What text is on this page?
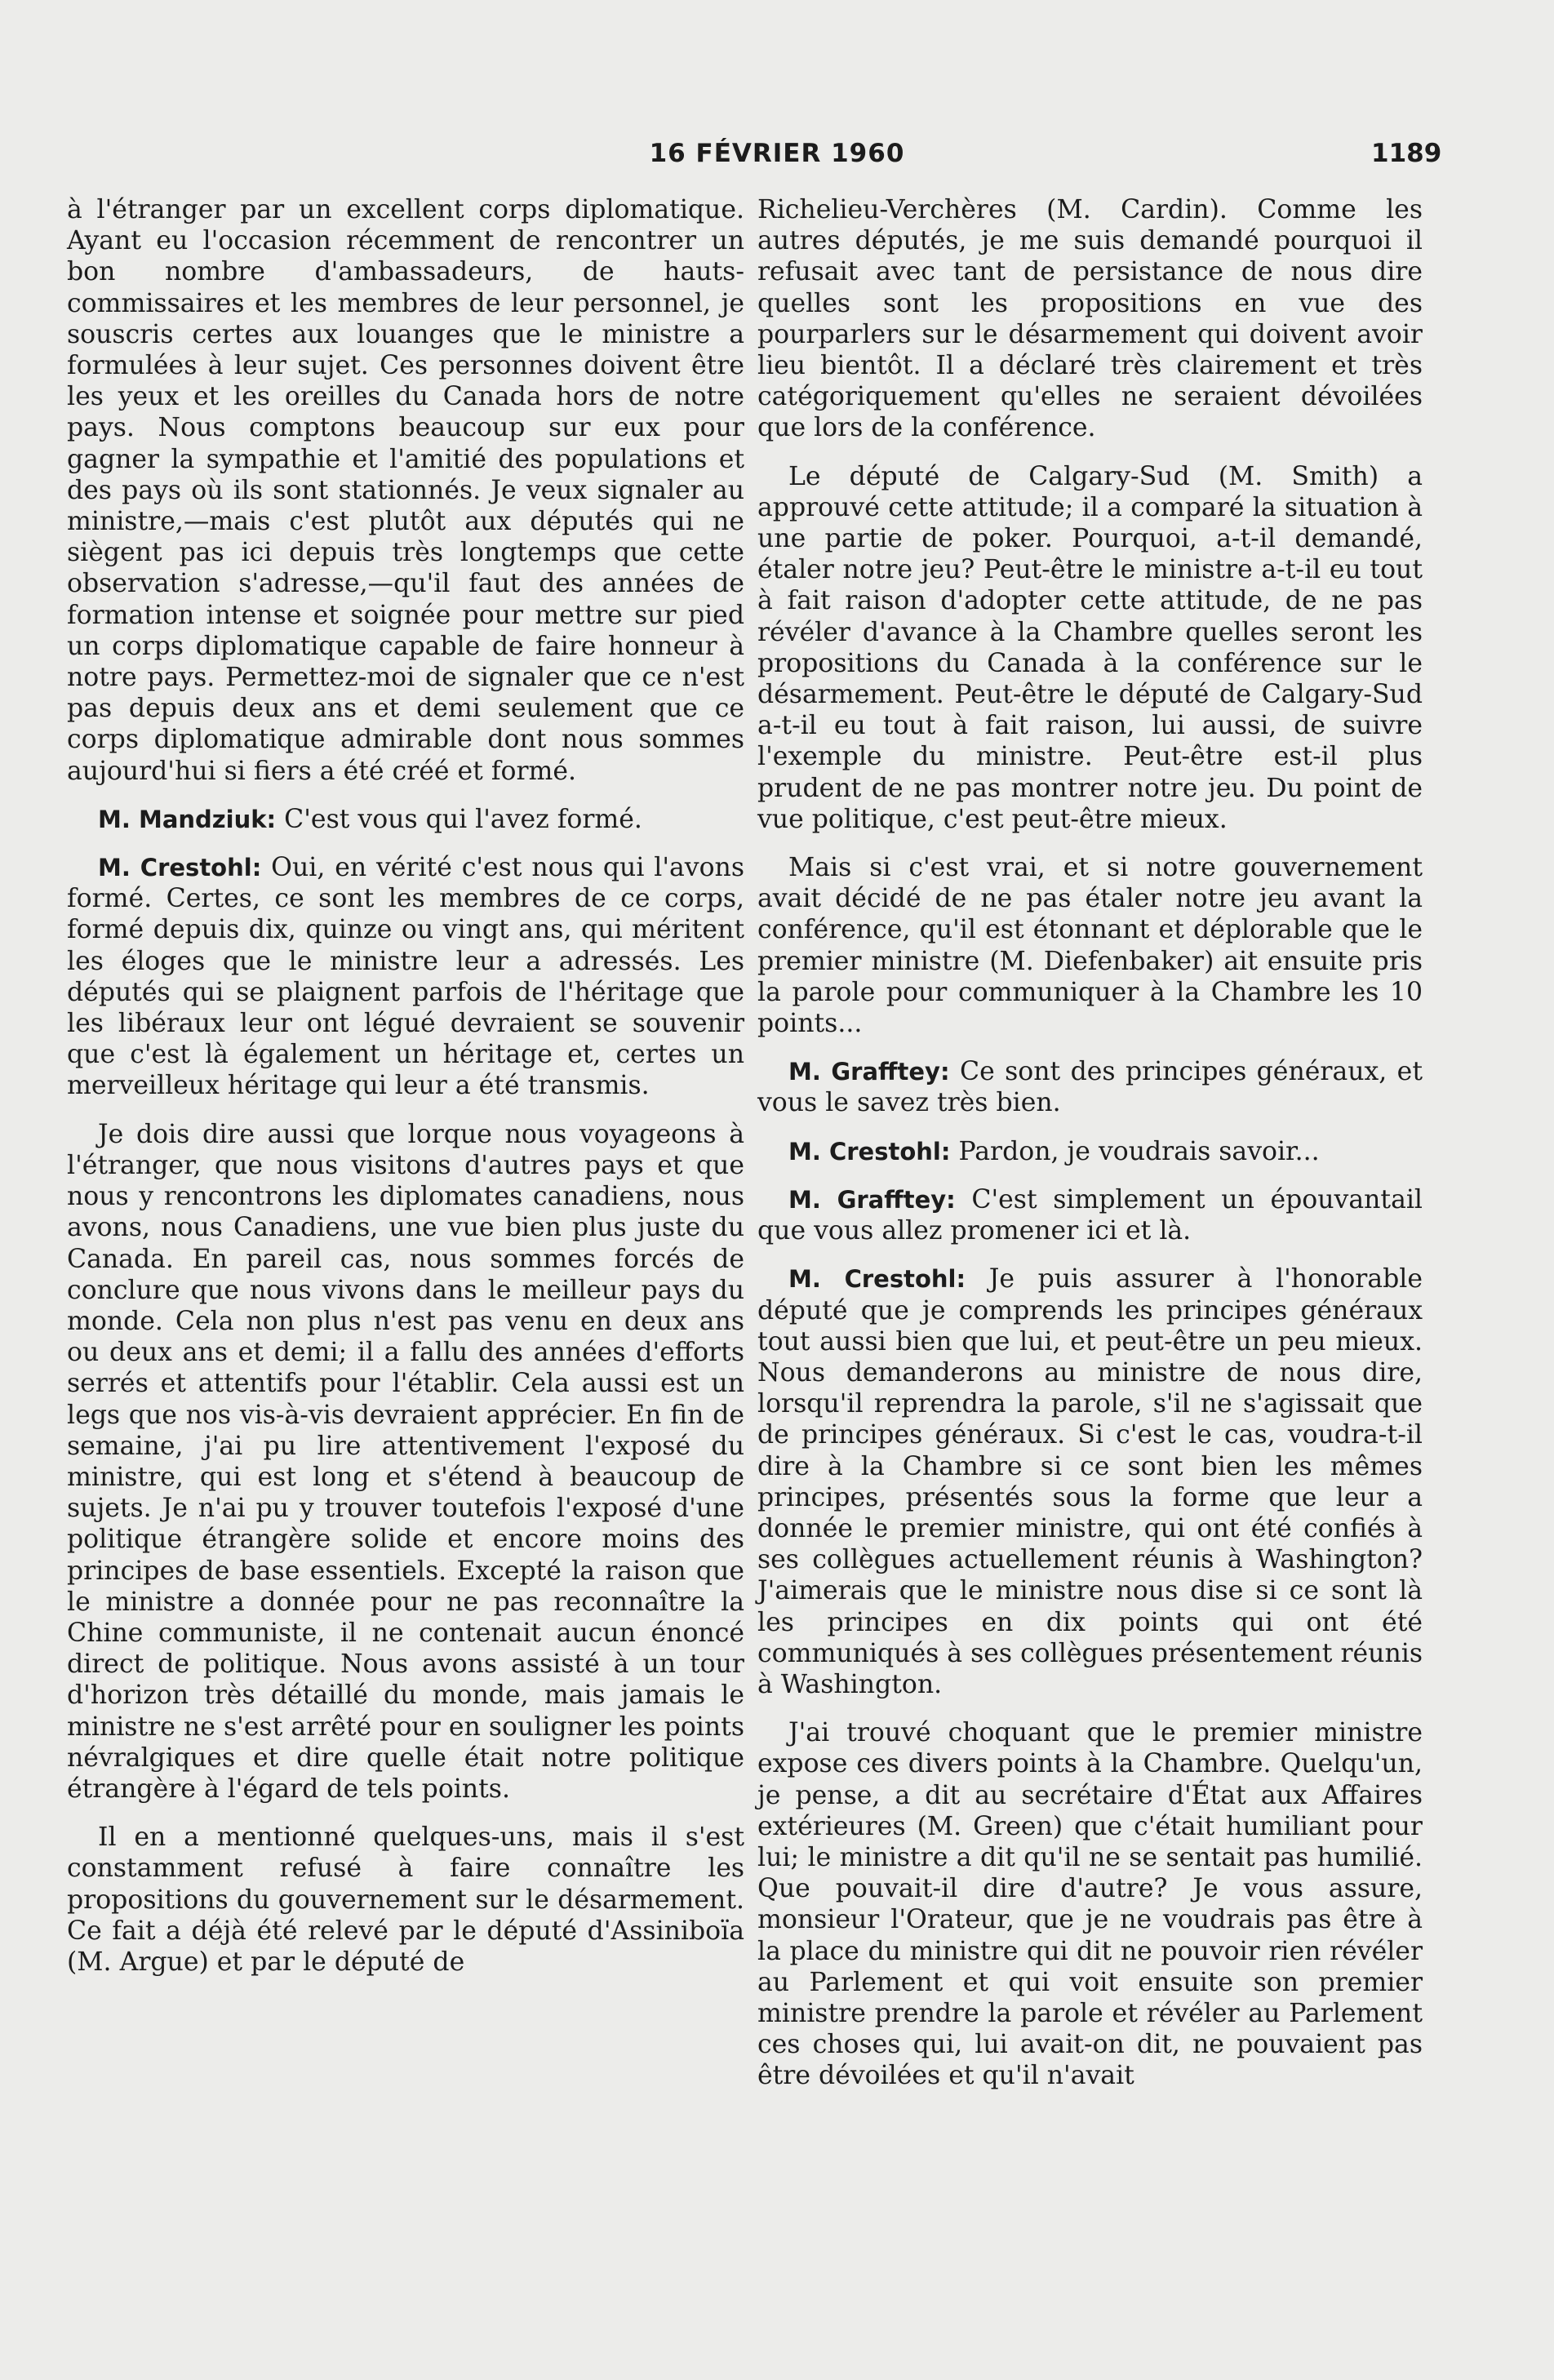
16 FÉVRIER 1960	1189

à l'étranger par un excellent corps diplomatique. Ayant eu l'occasion récemment de rencontrer un bon nombre d'ambassadeurs, de hauts-commissaires et les membres de leur personnel, je souscris certes aux louanges que le ministre a formulées à leur sujet. Ces personnes doivent être les yeux et les oreilles du Canada hors de notre pays. Nous comptons beaucoup sur eux pour gagner la sympathie et l'amitié des populations et des pays où ils sont stationnés. Je veux signaler au ministre,—mais c'est plutôt aux députés qui ne siègent pas ici depuis très longtemps que cette observation s'adresse,—qu'il faut des années de formation intense et soignée pour mettre sur pied un corps diplomatique capable de faire honneur à notre pays. Permettez-moi de signaler que ce n'est pas depuis deux ans et demi seulement que ce corps diplomatique admirable dont nous sommes aujourd'hui si fiers a été créé et formé.

M. Mandziuk: C'est vous qui l'avez formé.

M. Crestohl: Oui, en vérité c'est nous qui l'avons formé. Certes, ce sont les membres de ce corps, formé depuis dix, quinze ou vingt ans, qui méritent les éloges que le ministre leur a adressés. Les députés qui se plaignent parfois de l'héritage que les libéraux leur ont légué devraient se souvenir que c'est là également un héritage et, certes un merveilleux héritage qui leur a été transmis.

Je dois dire aussi que lorque nous voyageons à l'étranger, que nous visitons d'autres pays et que nous y rencontrons les diplomates canadiens, nous avons, nous Canadiens, une vue bien plus juste du Canada. En pareil cas, nous sommes forcés de conclure que nous vivons dans le meilleur pays du monde. Cela non plus n'est pas venu en deux ans ou deux ans et demi; il a fallu des années d'efforts serrés et attentifs pour l'établir. Cela aussi est un legs que nos vis-à-vis devraient apprécier. En fin de semaine, j'ai pu lire attentivement l'exposé du ministre, qui est long et s'étend à beaucoup de sujets. Je n'ai pu y trouver toutefois l'exposé d'une politique étrangère solide et encore moins des principes de base essentiels. Excepté la raison que le ministre a donnée pour ne pas reconnaître la Chine communiste, il ne contenait aucun énoncé direct de politique. Nous avons assisté à un tour d'horizon très détaillé du monde, mais jamais le ministre ne s'est arrêté pour en souligner les points névralgiques et dire quelle était notre politique étrangère à l'égard de tels points.

Il en a mentionné quelques-uns, mais il s'est constamment refusé à faire connaître les propositions du gouvernement sur le désarmement. Ce fait a déjà été relevé par le député d'Assiniboïa (M. Argue) et par le député de

Richelieu-Verchères (M. Cardin). Comme les autres députés, je me suis demandé pourquoi il refusait avec tant de persistance de nous dire quelles sont les propositions en vue des pourparlers sur le désarmement qui doivent avoir lieu bientôt. Il a déclaré très clairement et très catégoriquement qu'elles ne seraient dévoilées que lors de la conférence.

Le député de Calgary-Sud (M. Smith) a approuvé cette attitude; il a comparé la situation à une partie de poker. Pourquoi, a-t-il demandé, étaler notre jeu? Peut-être le ministre a-t-il eu tout à fait raison d'adopter cette attitude, de ne pas révéler d'avance à la Chambre quelles seront les propositions du Canada à la conférence sur le désarmement. Peut-être le député de Calgary-Sud a-t-il eu tout à fait raison, lui aussi, de suivre l'exemple du ministre. Peut-être est-il plus prudent de ne pas montrer notre jeu. Du point de vue politique, c'est peut-être mieux.

Mais si c'est vrai, et si notre gouvernement avait décidé de ne pas étaler notre jeu avant la conférence, qu'il est étonnant et déplorable que le premier ministre (M. Diefenbaker) ait ensuite pris la parole pour communiquer à la Chambre les 10 points...

M. Grafftey: Ce sont des principes généraux, et vous le savez très bien.

M. Crestohl: Pardon, je voudrais savoir...

M. Grafftey: C'est simplement un épouvantail que vous allez promener ici et là.

M. Crestohl: Je puis assurer à l'honorable député que je comprends les principes généraux tout aussi bien que lui, et peut-être un peu mieux. Nous demanderons au ministre de nous dire, lorsqu'il reprendra la parole, s'il ne s'agissait que de principes généraux. Si c'est le cas, voudra-t-il dire à la Chambre si ce sont bien les mêmes principes, présentés sous la forme que leur a donnée le premier ministre, qui ont été confiés à ses collègues actuellement réunis à Washington? J'aimerais que le ministre nous dise si ce sont là les principes en dix points qui ont été communiqués à ses collègues présentement réunis à Washington.

J'ai trouvé choquant que le premier ministre expose ces divers points à la Chambre. Quelqu'un, je pense, a dit au secrétaire d'État aux Affaires extérieures (M. Green) que c'était humiliant pour lui; le ministre a dit qu'il ne se sentait pas humilié. Que pouvait-il dire d'autre? Je vous assure, monsieur l'Orateur, que je ne voudrais pas être à la place du ministre qui dit ne pouvoir rien révéler au Parlement et qui voit ensuite son premier ministre prendre la parole et révéler au Parlement ces choses qui, lui avait-on dit, ne pouvaient pas être dévoilées et qu'il n'avait
